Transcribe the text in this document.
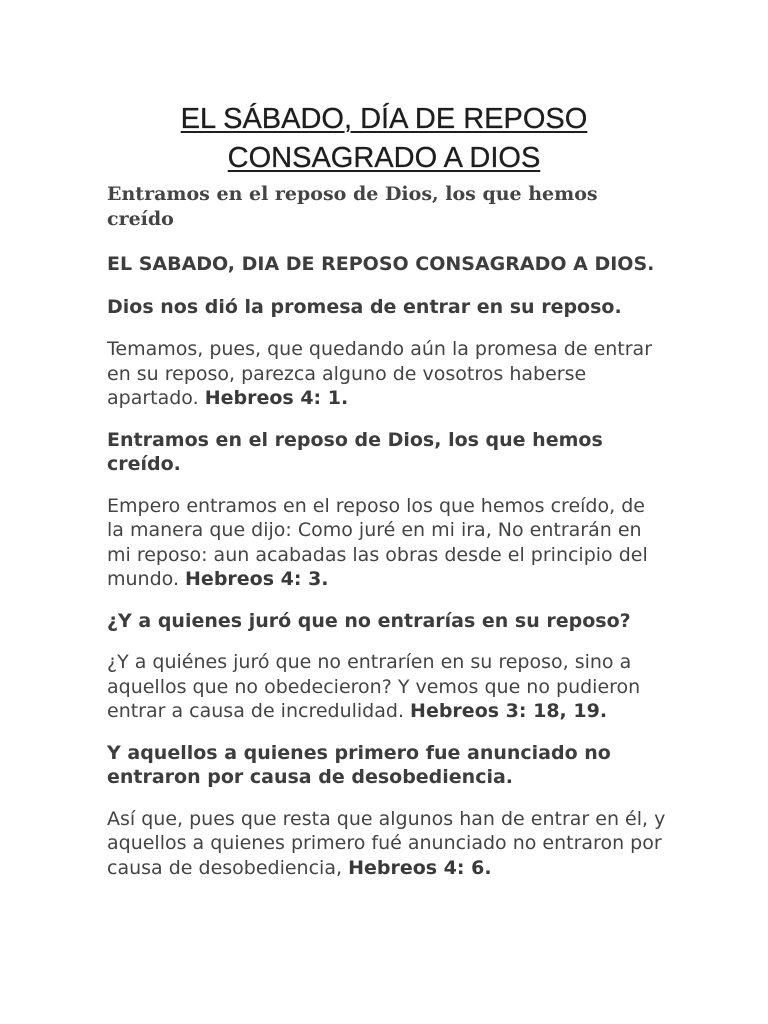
EL SÁBADO, DÍA DE REPOSO
CONSAGRADO A DIOS

Entramos en el reposo de Dios, los que hemos creído

EL SABADO, DIA DE REPOSO CONSAGRADO A DIOS.

Dios nos dió la promesa de entrar en su reposo.

Temamos, pues, que quedando aún la promesa de entrar en su reposo, parezca alguno de vosotros haberse apartado. Hebreos 4: 1.

Entramos en el reposo de Dios, los que hemos creído.

Empero entramos en el reposo los que hemos creído, de la manera que dijo: Como juré en mi ira, No entrarán en mi reposo: aun acabadas las obras desde el principio del mundo. Hebreos 4: 3.

¿Y a quienes juró que no entrarías en su reposo?

¿Y a quiénes juró que no entraríen en su reposo, sino a aquellos que no obedecieron? Y vemos que no pudieron entrar a causa de incredulidad. Hebreos 3: 18, 19.

Y aquellos a quienes primero fue anunciado no entraron por causa de desobediencia.

Así que, pues que resta que algunos han de entrar en él, y aquellos a quienes primero fué anunciado no entraron por causa de desobediencia, Hebreos 4: 6.
